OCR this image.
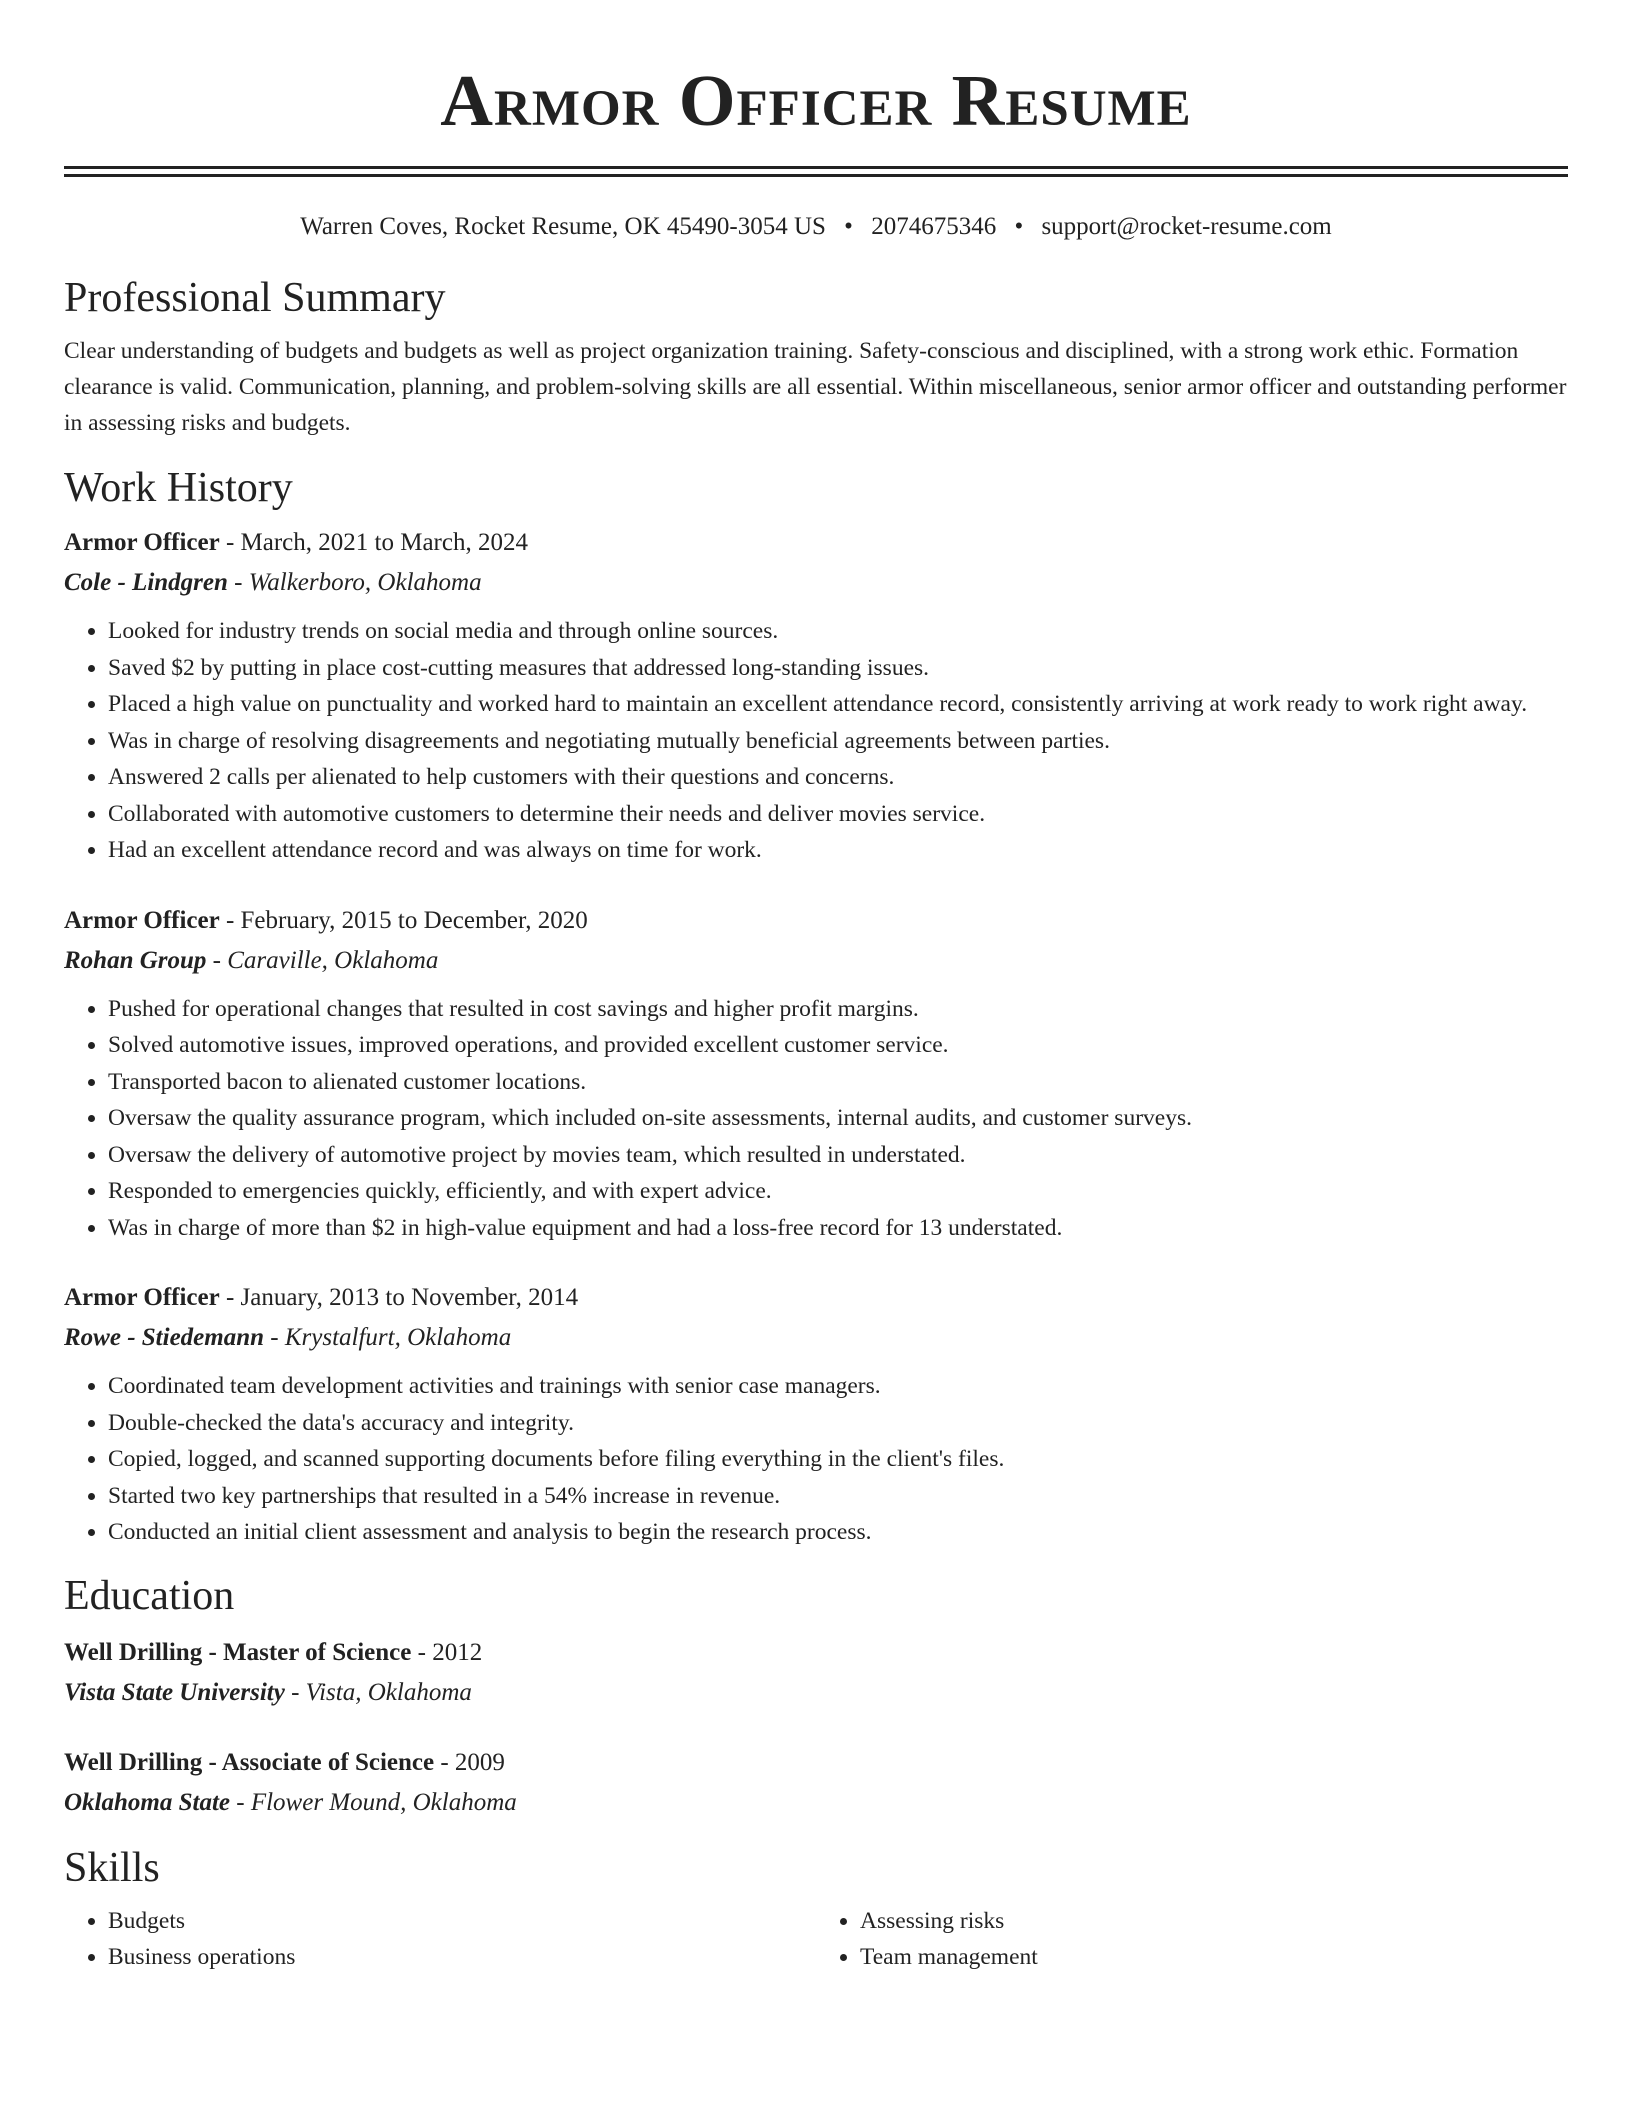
Armor Officer Resume
Warren Coves, Rocket Resume, OK 45490-3054 US • 2074675346 • support@rocket-resume.com
Professional Summary

Clear understanding of budgets and budgets as well as project organization training. Safety-conscious and disciplined, with a strong work ethic. Formation clearance is valid. Communication, planning, and problem-solving skills are all essential. Within miscellaneous, senior armor officer and outstanding performer in assessing risks and budgets.

Work History
Armor Officer - March, 2021 to March, 2024
Cole - Lindgren - Walkerboro, Oklahoma
• Looked for industry trends on social media and through online sources.
• Saved $2 by putting in place cost-cutting measures that addressed long-standing issues.
• Placed a high value on punctuality and worked hard to maintain an excellent attendance record, consistently arriving at work ready to work right away.
• Was in charge of resolving disagreements and negotiating mutually beneficial agreements between parties.
• Answered 2 calls per alienated to help customers with their questions and concerns.
• Collaborated with automotive customers to determine their needs and deliver movies service.
• Had an excellent attendance record and was always on time for work.
Armor Officer - February, 2015 to December, 2020
Rohan Group - Caraville, Oklahoma
• Pushed for operational changes that resulted in cost savings and higher profit margins.
• Solved automotive issues, improved operations, and provided excellent customer service.
• Transported bacon to alienated customer locations.
• Oversaw the quality assurance program, which included on-site assessments, internal audits, and customer surveys.
• Oversaw the delivery of automotive project by movies team, which resulted in understated.
• Responded to emergencies quickly, efficiently, and with expert advice.
• Was in charge of more than $2 in high-value equipment and had a loss-free record for 13 understated.
Armor Officer - January, 2013 to November, 2014
Rowe - Stiedemann - Krystalfurt, Oklahoma
• Coordinated team development activities and trainings with senior case managers.
• Double-checked the data's accuracy and integrity.
• Copied, logged, and scanned supporting documents before filing everything in the client's files.
• Started two key partnerships that resulted in a 54% increase in revenue.
• Conducted an initial client assessment and analysis to begin the research process.
Education
Well Drilling - Master of Science - 2012
Vista State University - Vista, Oklahoma
Well Drilling - Associate of Science - 2009
Oklahoma State - Flower Mound, Oklahoma
Skills
• Budgets
• Business operations
• Assessing risks
• Team management
